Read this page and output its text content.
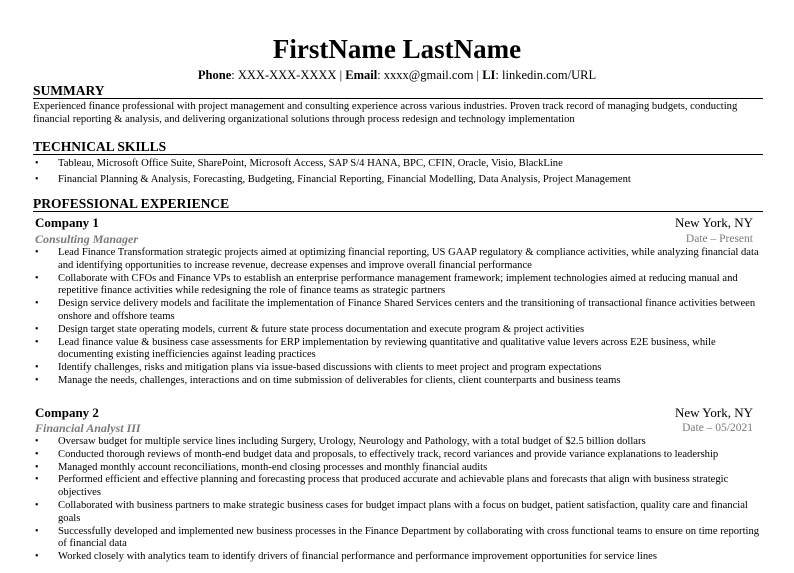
FirstName LastName
Phone: XXX-XXX-XXXX | Email: xxxx@gmail.com | LI: linkedin.com/URL
SUMMARY
Experienced finance professional with project management and consulting experience across various industries. Proven track record of managing budgets, conducting financial reporting & analysis, and delivering organizational solutions through process redesign and technology implementation
TECHNICAL SKILLS
• Tableau, Microsoft Office Suite, SharePoint, Microsoft Access, SAP S/4 HANA, BPC, CFIN, Oracle, Visio, BlackLine
• Financial Planning & Analysis, Forecasting, Budgeting, Financial Reporting, Financial Modelling, Data Analysis, Project Management
PROFESSIONAL EXPERIENCE
Company 1	New York, NY
Consulting Manager	Date – Present
• Lead Finance Transformation strategic projects aimed at optimizing financial reporting, US GAAP regulatory & compliance activities, while analyzing financial data and identifying opportunities to increase revenue, decrease expenses and improve overall financial performance
• Collaborate with CFOs and Finance VPs to establish an enterprise performance management framework; implement technologies aimed at reducing manual and repetitive finance activities while redesigning the role of finance teams as strategic partners
• Design service delivery models and facilitate the implementation of Finance Shared Services centers and the transitioning of transactional finance activities between onshore and offshore teams
• Design target state operating models, current & future state process documentation and execute program & project activities
• Lead finance value & business case assessments for ERP implementation by reviewing quantitative and qualitative value levers across E2E business, while documenting existing inefficiencies against leading practices
• Identify challenges, risks and mitigation plans via issue-based discussions with clients to meet project and program expectations
• Manage the needs, challenges, interactions and on time submission of deliverables for clients, client counterparts and business teams
Company 2	New York, NY
Financial Analyst III	Date – 05/2021
• Oversaw budget for multiple service lines including Surgery, Urology, Neurology and Pathology, with a total budget of $2.5 billion dollars
• Conducted thorough reviews of month-end budget data and proposals, to effectively track, record variances and provide variance explanations to leadership
• Managed monthly account reconciliations, month-end closing processes and monthly financial audits
• Performed efficient and effective planning and forecasting process that produced accurate and achievable plans and forecasts that align with business strategic objectives
• Collaborated with business partners to make strategic business cases for budget impact plans with a focus on budget, patient satisfaction, quality care and financial goals
• Successfully developed and implemented new business processes in the Finance Department by collaborating with cross functional teams to ensure on time reporting of financial data
• Worked closely with analytics team to identify drivers of financial performance and performance improvement opportunities for service lines
